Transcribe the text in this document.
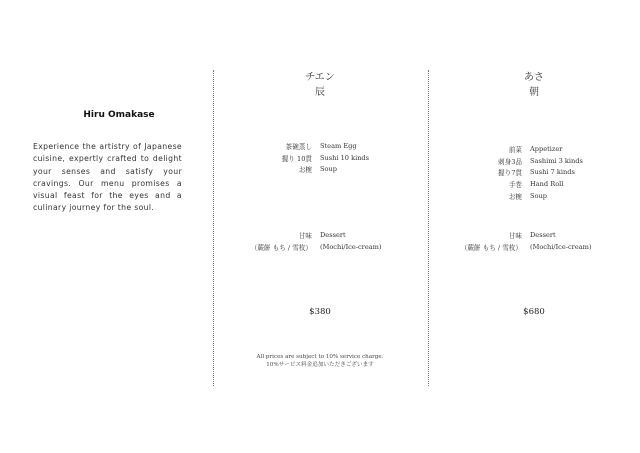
Hiru Omakase
Experience the artistry of Japanese cuisine, expertly crafted to delight your senses and satisfy your cravings. Our menu promises a visual feast for the eyes and a culinary journey for the soul.
チエン
辰
茶碗蒸し	Steam Egg
握り 10貫	Sushi 10 kinds
お椀	Soup
甘味	Dessert
（蕨餅 もち / 雪枚）	(Mochi/Ice-cream)
$380
あさ
朝
前菜	Appetizer
刺身3品	Sashimi 3 kinds
握り7貫	Sushi 7 kinds
手巻	Hand Roll
お椀	Soup
甘味	Dessert
（蕨餅 もち / 雪枚）	(Mochi/Ice-cream)
$680
All prices are subject to 10% service charge.
10%サービス料金追加いただきございます
